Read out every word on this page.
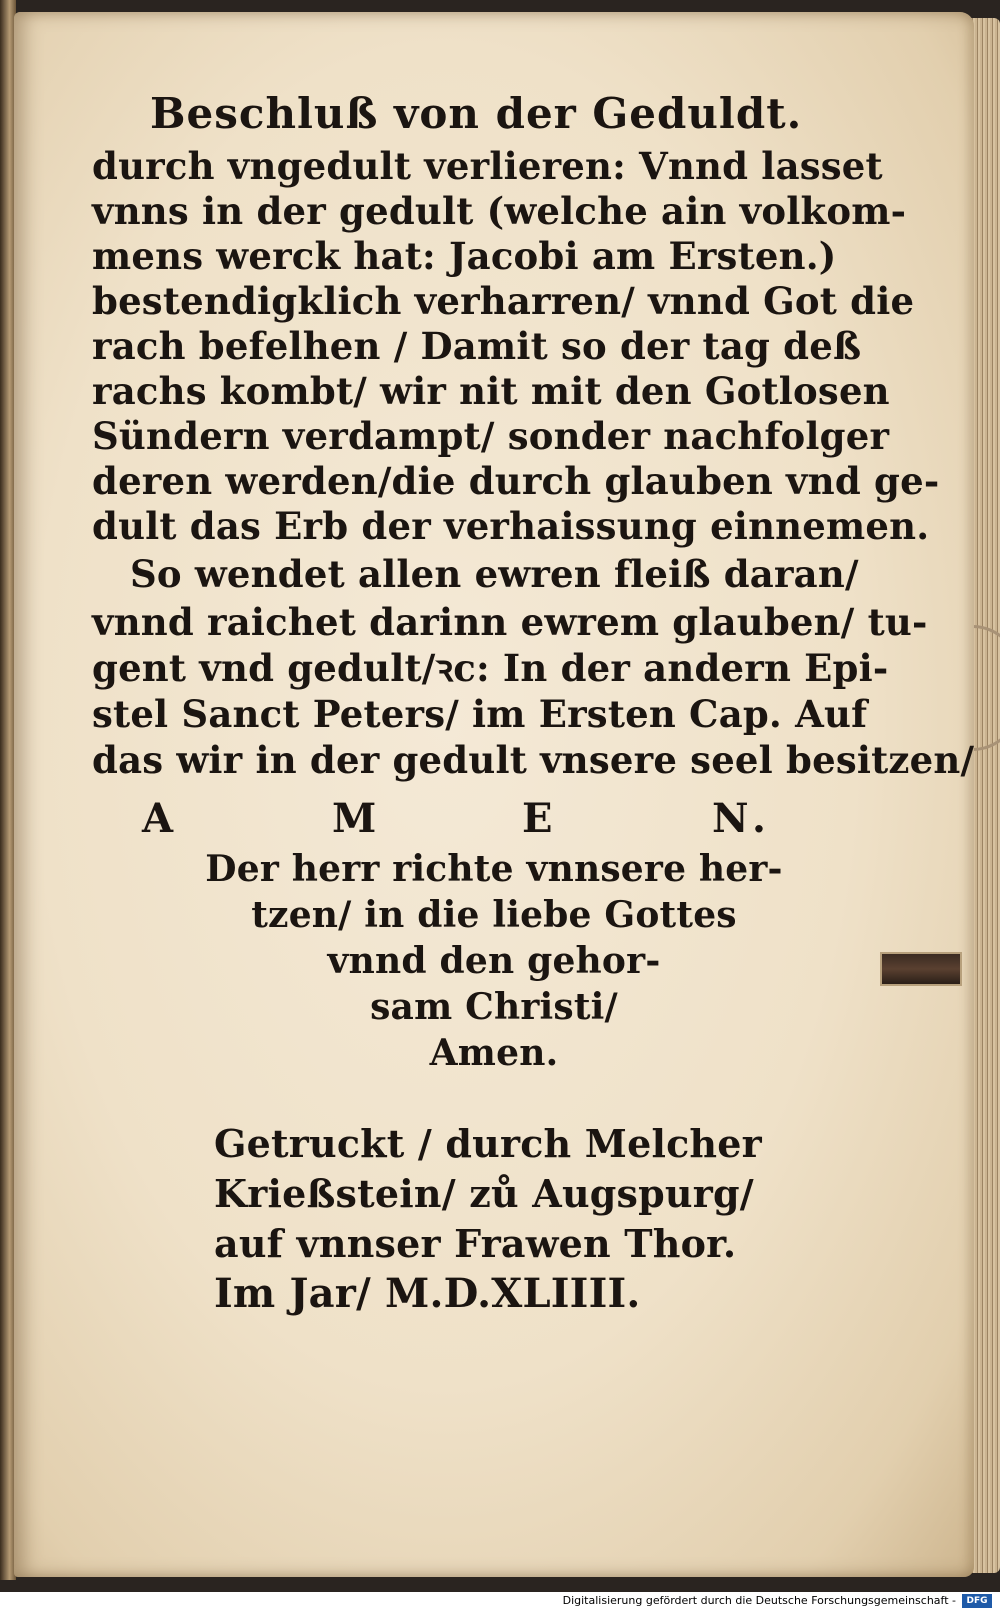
Beschluß von der Geduldt.
durch vngedult verlieren: Vnnd lasset
vnns in der gedult (welche ain volkom-
mens werck hat: Jacobi am Ersten.)
bestendigklich verharren/ vnnd Got die
rach befelhen / Damit so der tag deß
rachs kombt/ wir nit mit den Gotlosen
Sündern verdampt/ sonder nachfolger
deren werden/die durch glauben vnd ge-
dult das Erb der verhaissung einnemen.
So wendet allen ewren fleiß daran/
vnnd raichet darinn ewrem glauben/ tu-
gent vnd gedult/ꝛc: In der andern Epi-
stel Sanct Peters/ im Ersten Cap. Auf
das wir in der gedult vnsere seel besitzen/
A	M	E	N.
Der herr richte vnnsere her-
tzen/ in die liebe Gottes
vnnd den gehor-
sam Christi/
Amen.
Getruckt / durch Melcher
Krießstein/ zů Augspurg/
auf vnnser Frawen Thor.
Im Jar/ M.D.XLIIII.
Digitalisierung gefördert durch die Deutsche Forschungsgemeinschaft -	DFG
